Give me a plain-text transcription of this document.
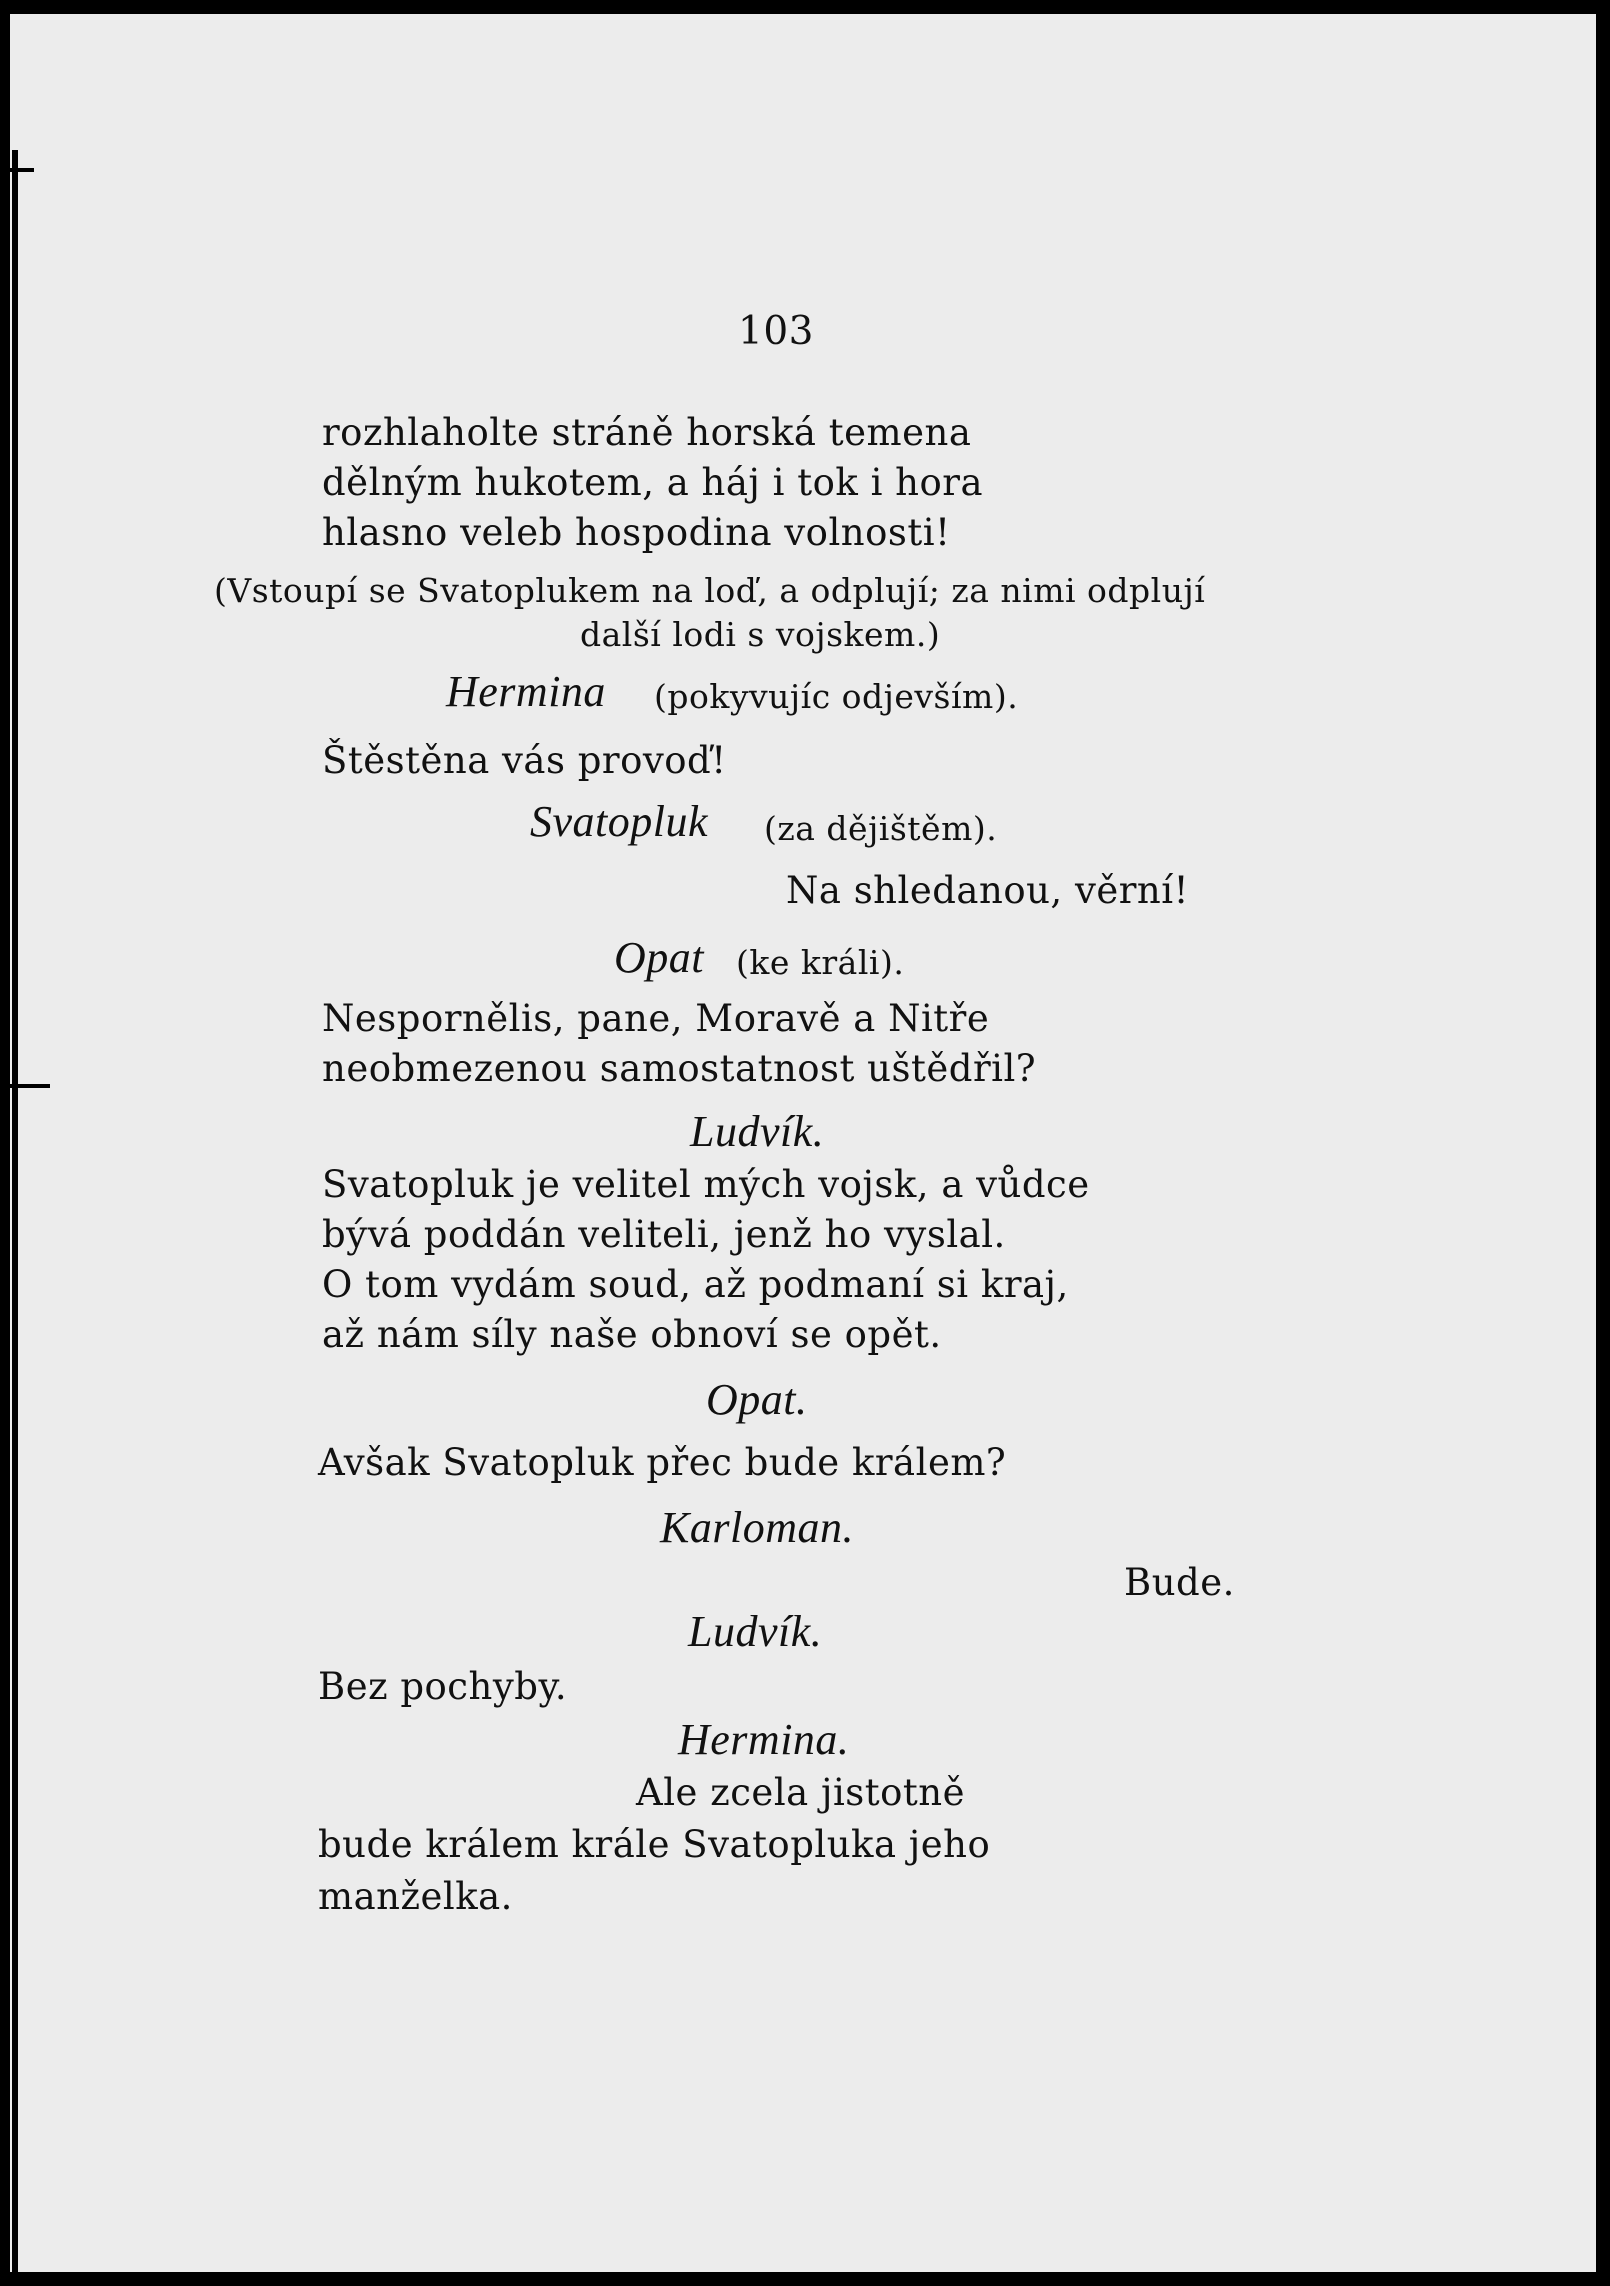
103
rozhlaholte stráně horská temena
dělným hukotem, a háj i tok i hora
hlasno veleb hospodina volnosti!
(Vstoupí se Svatoplukem na loď, a odplují; za nimi odplují
další lodi s vojskem.)
Hermina (pokyvujíc odjevším).
Štěstěna vás provoď!
Svatopluk (za dějištěm).
Na shledanou, věrní!
Opat (ke králi).
Nespornělis, pane, Moravě a Nitře
neobmezenou samostatnost uštědřil?
Ludvík.
Svatopluk je velitel mých vojsk, a vůdce
bývá poddán veliteli, jenž ho vyslal.
O tom vydám soud, až podmaní si kraj,
až nám síly naše obnoví se opět.
Opat.
Avšak Svatopluk přec bude králem?
Karloman.
Bude.
Ludvík.
Bez pochyby.
Hermina.
Ale zcela jistotně
bude králem krále Svatopluka jeho
manželka.
